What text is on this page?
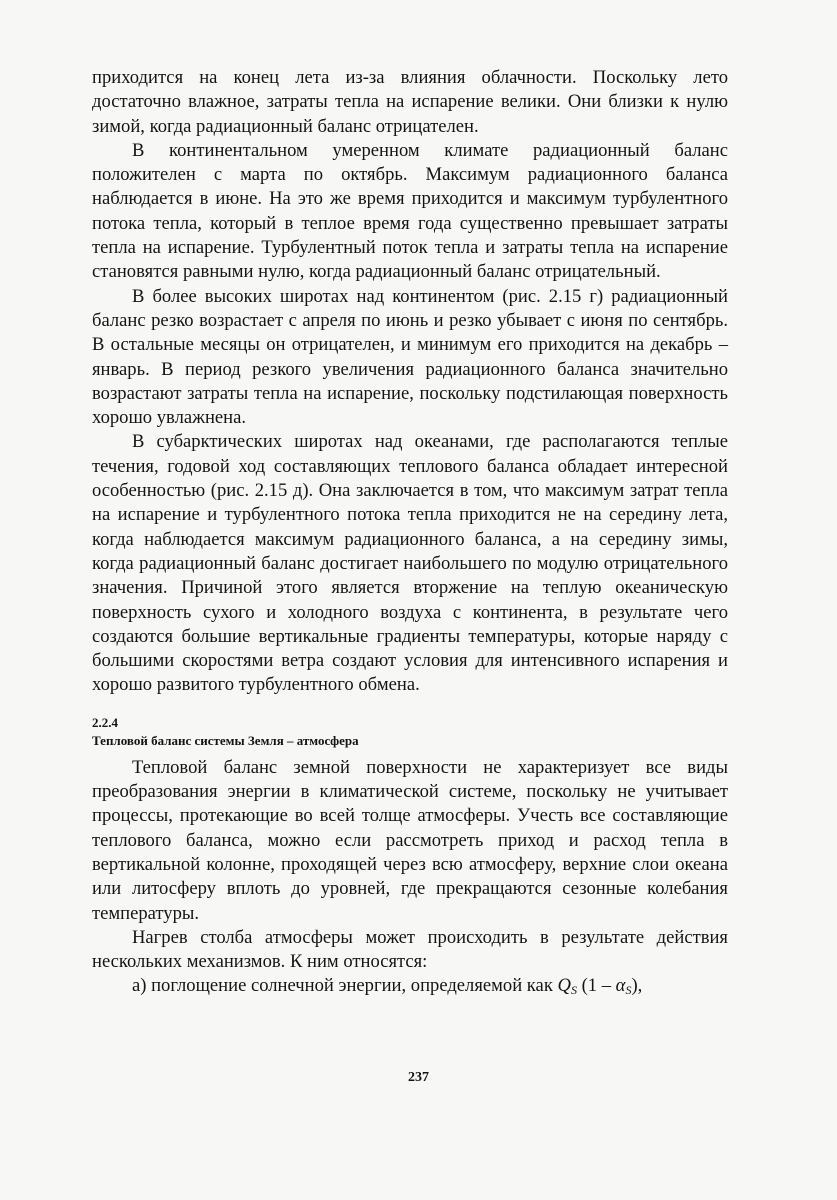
приходится на конец лета из-за влияния облачности. Поскольку лето достаточно влажное, затраты тепла на испарение велики. Они близки к нулю зимой, когда радиационный баланс отрицателен.

В континентальном умеренном климате радиационный баланс положителен с марта по октябрь. Максимум радиационного баланса наблюдается в июне. На это же время приходится и максимум турбулентного потока тепла, который в теплое время года существенно превышает затраты тепла на испарение. Турбулентный поток тепла и затраты тепла на испарение становятся равными нулю, когда радиационный баланс отрицательный.

В более высоких широтах над континентом (рис. 2.15 г) радиационный баланс резко возрастает с апреля по июнь и резко убывает с июня по сентябрь. В остальные месяцы он отрицателен, и минимум его приходится на декабрь – январь. В период резкого увеличения радиационного баланса значительно возрастают затраты тепла на испарение, поскольку подстилающая поверхность хорошо увлажнена.

В субарктических широтах над океанами, где располагаются теплые течения, годовой ход составляющих теплового баланса обладает интересной особенностью (рис. 2.15 д). Она заключается в том, что максимум затрат тепла на испарение и турбулентного потока тепла приходится не на середину лета, когда наблюдается максимум радиационного баланса, а на середину зимы, когда радиационный баланс достигает наибольшего по модулю отрицательного значения. Причиной этого является вторжение на теплую океаническую поверхность сухого и холодного воздуха с континента, в результате чего создаются большие вертикальные градиенты температуры, которые наряду с большими скоростями ветра создают условия для интенсивного испарения и хорошо развитого турбулентного обмена.

2.2.4
Тепловой баланс системы Земля – атмосфера

Тепловой баланс земной поверхности не характеризует все виды преобразования энергии в климатической системе, поскольку не учитывает процессы, протекающие во всей толще атмосферы. Учесть все составляющие теплового баланса, можно если рассмотреть приход и расход тепла в вертикальной колонне, проходящей через всю атмосферу, верхние слои океана или литосферу вплоть до уровней, где прекращаются сезонные колебания температуры.

Нагрев столба атмосферы может происходить в результате действия нескольких механизмов. К ним относятся:

а) поглощение солнечной энергии, определяемой как $Q_S$ $(1 - \alpha_S)$,

237
